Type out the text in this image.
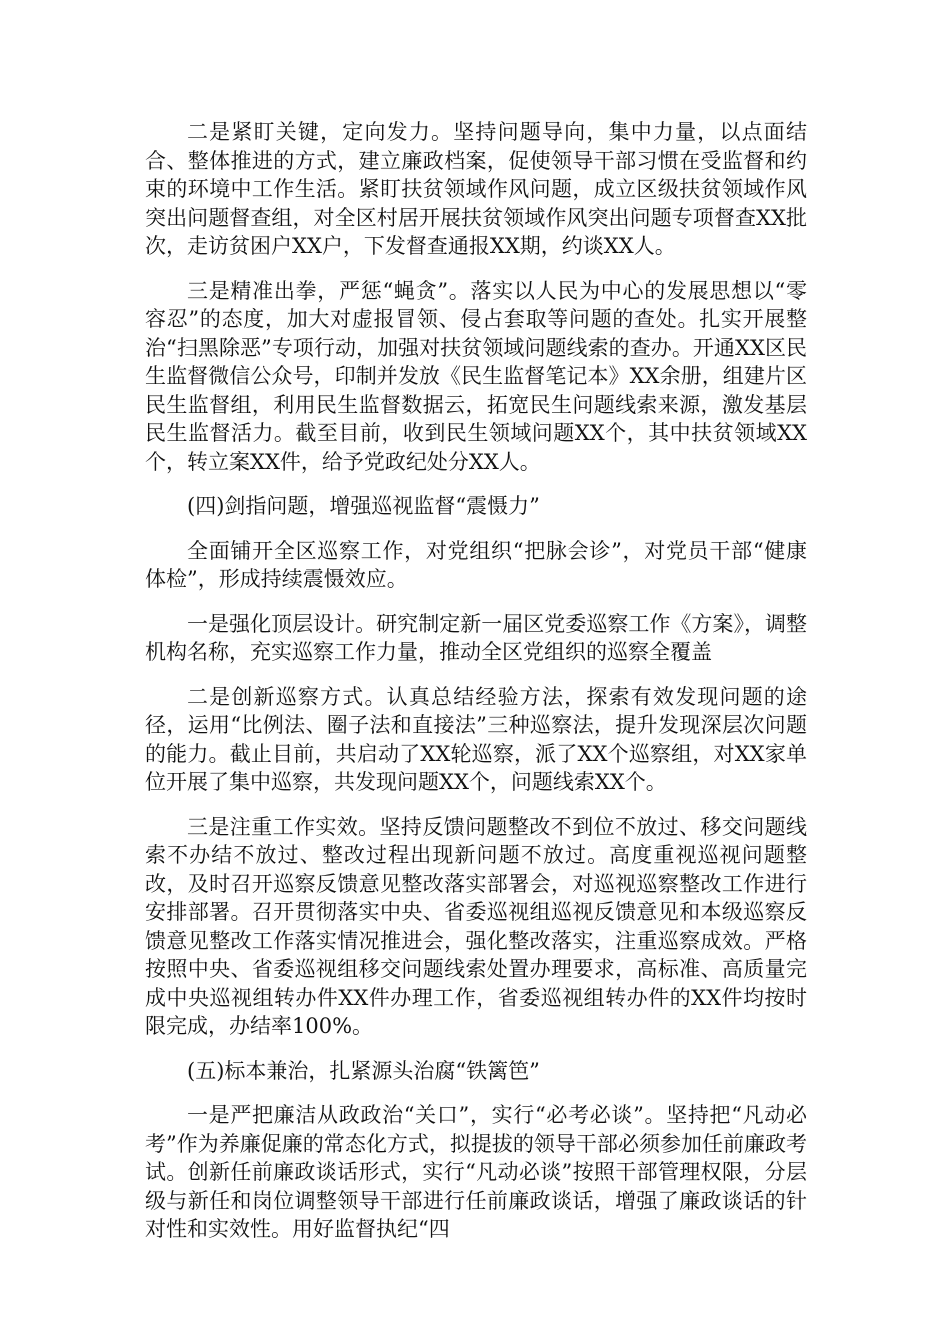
二是紧盯关键，定向发力。坚持问题导向，集中力量，以点面结合、整体推进的方式，建立廉政档案，促使领导干部习惯在受监督和约束的环境中工作生活。紧盯扶贫领域作风问题，成立区级扶贫领域作风突出问题督查组，对全区村居开展扶贫领域作风突出问题专项督查XX批次，走访贫困户XX户，下发督查通报XX期，约谈XX人。

三是精准出拳，严惩“蝇贪”。落实以人民为中心的发展思想以“零容忍”的态度，加大对虚报冒领、侵占套取等问题的查处。扎实开展整治“扫黑除恶”专项行动，加强对扶贫领域问题线索的查办。开通XX区民生监督微信公众号，印制并发放《民生监督笔记本》XX余册，组建片区民生监督组，利用民生监督数据云，拓宽民生问题线索来源，激发基层民生监督活力。截至目前，收到民生领域问题XX个，其中扶贫领域XX个，转立案XX件，给予党政纪处分XX人。

(四)剑指问题，增强巡视监督“震慑力”

全面铺开全区巡察工作，对党组织“把脉会诊”，对党员干部“健康体检”，形成持续震慑效应。

一是强化顶层设计。研究制定新一届区党委巡察工作《方案》，调整机构名称，充实巡察工作力量，推动全区党组织的巡察全覆盖

二是创新巡察方式。认真总结经验方法，探索有效发现问题的途径，运用“比例法、圈子法和直接法”三种巡察法，提升发现深层次问题的能力。截止目前，共启动了XX轮巡察，派了XX个巡察组，对XX家单位开展了集中巡察，共发现问题XX个，问题线索XX个。

三是注重工作实效。坚持反馈问题整改不到位不放过、移交问题线索不办结不放过、整改过程出现新问题不放过。高度重视巡视问题整改，及时召开巡察反馈意见整改落实部署会，对巡视巡察整改工作进行安排部署。召开贯彻落实中央、省委巡视组巡视反馈意见和本级巡察反馈意见整改工作落实情况推进会，强化整改落实，注重巡察成效。严格按照中央、省委巡视组移交问题线索处置办理要求，高标准、高质量完成中央巡视组转办件XX件办理工作，省委巡视组转办件的XX件均按时限完成，办结率100%。

(五)标本兼治，扎紧源头治腐“铁篱笆”

一是严把廉洁从政政治“关口”，实行“必考必谈”。坚持把“凡动必考”作为养廉促廉的常态化方式，拟提拔的领导干部必须参加任前廉政考试。创新任前廉政谈话形式，实行“凡动必谈”按照干部管理权限，分层级与新任和岗位调整领导干部进行任前廉政谈话，增强了廉政谈话的针对性和实效性。用好监督执纪“四
